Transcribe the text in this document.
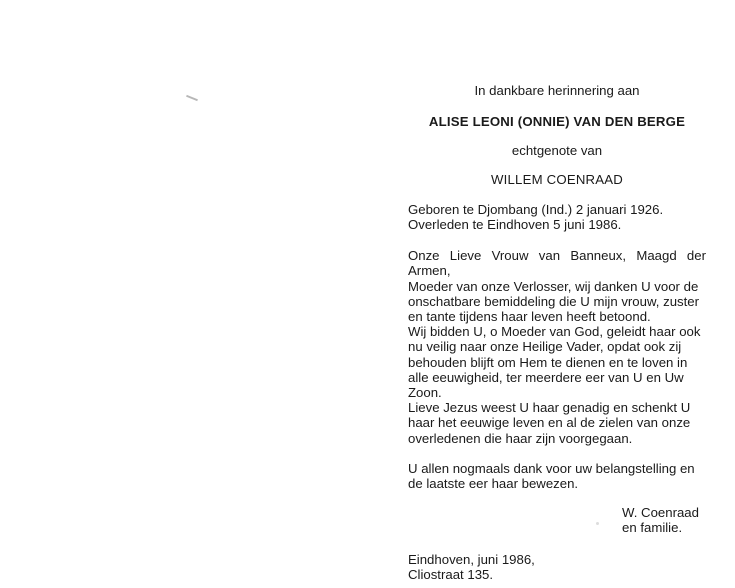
In dankbare herinnering aan
ALISE LEONI (ONNIE) VAN DEN BERGE
echtgenote van
WILLEM COENRAAD
Geboren te Djombang (Ind.) 2 januari 1926.
Overleden te Eindhoven 5 juni 1986.
Onze Lieve Vrouw van Banneux, Maagd der Armen,
Moeder van onze Verlosser, wij danken U voor de
onschatbare bemiddeling die U mijn vrouw, zuster
en tante tijdens haar leven heeft betoond.
Wij bidden U, o Moeder van God, geleidt haar ook
nu veilig naar onze Heilige Vader, opdat ook zij
behouden blijft om Hem te dienen en te loven in
alle eeuwigheid, ter meerdere eer van U en Uw
Zoon.
Lieve Jezus weest U haar genadig en schenkt U
haar het eeuwige leven en al de zielen van onze
overledenen die haar zijn voorgegaan.
U allen nogmaals dank voor uw belangstelling en
de laatste eer haar bewezen.
W. Coenraad
en familie.
Eindhoven, juni 1986,
Cliostraat 135.
